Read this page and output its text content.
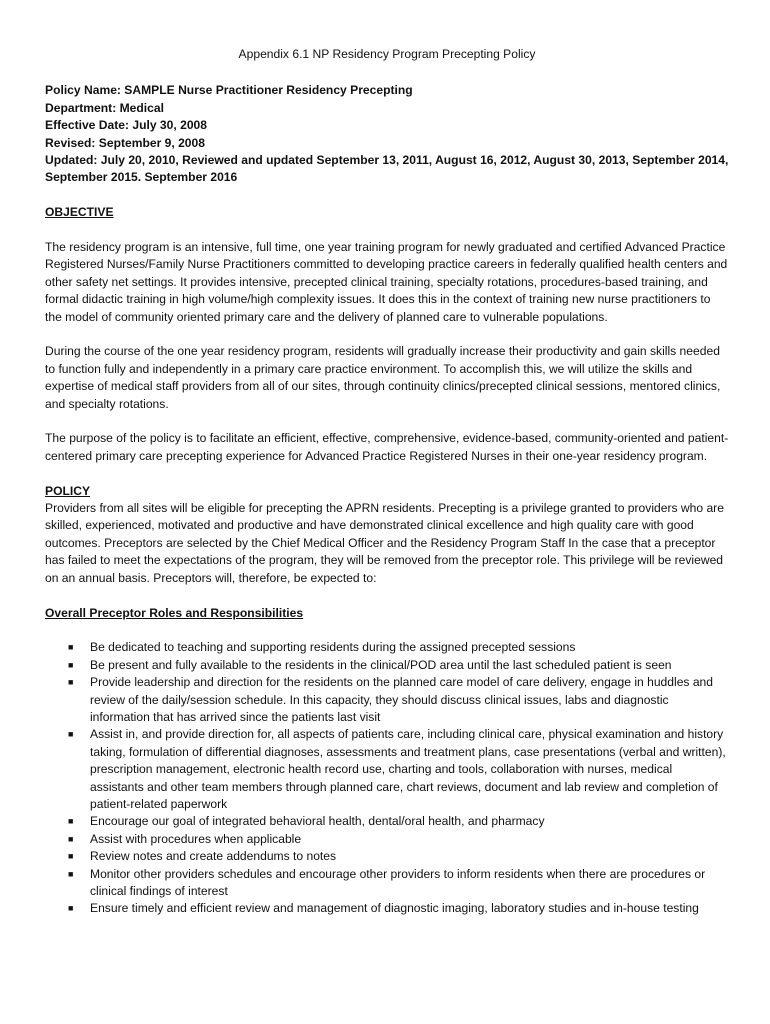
Appendix 6.1 NP Residency Program Precepting Policy

Policy Name: SAMPLE Nurse Practitioner Residency Precepting

Department: Medical

Effective Date: July 30, 2008

Revised: September 9, 2008

Updated: July 20, 2010, Reviewed and updated September 13, 2011, August 16, 2012, August 30, 2013, September 2014, September 2015. September 2016

OBJECTIVE

The residency program is an intensive, full time, one year training program for newly graduated and certified Advanced Practice Registered Nurses/Family Nurse Practitioners committed to developing practice careers in federally qualified health centers and other safety net settings. It provides intensive, precepted clinical training, specialty rotations, procedures-based training, and formal didactic training in high volume/high complexity issues. It does this in the context of training new nurse practitioners to the model of community oriented primary care and the delivery of planned care to vulnerable populations.

During the course of the one year residency program, residents will gradually increase their productivity and gain skills needed to function fully and independently in a primary care practice environment. To accomplish this, we will utilize the skills and expertise of medical staff providers from all of our sites, through continuity clinics/precepted clinical sessions, mentored clinics, and specialty rotations.

The purpose of the policy is to facilitate an efficient, effective, comprehensive, evidence-based, community-oriented and patient-centered primary care precepting experience for Advanced Practice Registered Nurses in their one-year residency program.

POLICY

Providers from all sites will be eligible for precepting the APRN residents. Precepting is a privilege granted to providers who are skilled, experienced, motivated and productive and have demonstrated clinical excellence and high quality care with good outcomes. Preceptors are selected by the Chief Medical Officer and the Residency Program Staff In the case that a preceptor has failed to meet the expectations of the program, they will be removed from the preceptor role. This privilege will be reviewed on an annual basis. Preceptors will, therefore, be expected to:

Overall Preceptor Roles and Responsibilities

■ Be dedicated to teaching and supporting residents during the assigned precepted sessions
■ Be present and fully available to the residents in the clinical/POD area until the last scheduled patient is seen
■ Provide leadership and direction for the residents on the planned care model of care delivery, engage in huddles and review of the daily/session schedule. In this capacity, they should discuss clinical issues, labs and diagnostic information that has arrived since the patients last visit
■ Assist in, and provide direction for, all aspects of patients care, including clinical care, physical examination and history taking, formulation of differential diagnoses, assessments and treatment plans, case presentations (verbal and written), prescription management, electronic health record use, charting and tools, collaboration with nurses, medical assistants and other team members through planned care, chart reviews, document and lab review and completion of patient-related paperwork
■ Encourage our goal of integrated behavioral health, dental/oral health, and pharmacy
■ Assist with procedures when applicable
■ Review notes and create addendums to notes
■ Monitor other providers schedules and encourage other providers to inform residents when there are procedures or clinical findings of interest
■ Ensure timely and efficient review and management of diagnostic imaging, laboratory studies and in-house testing
